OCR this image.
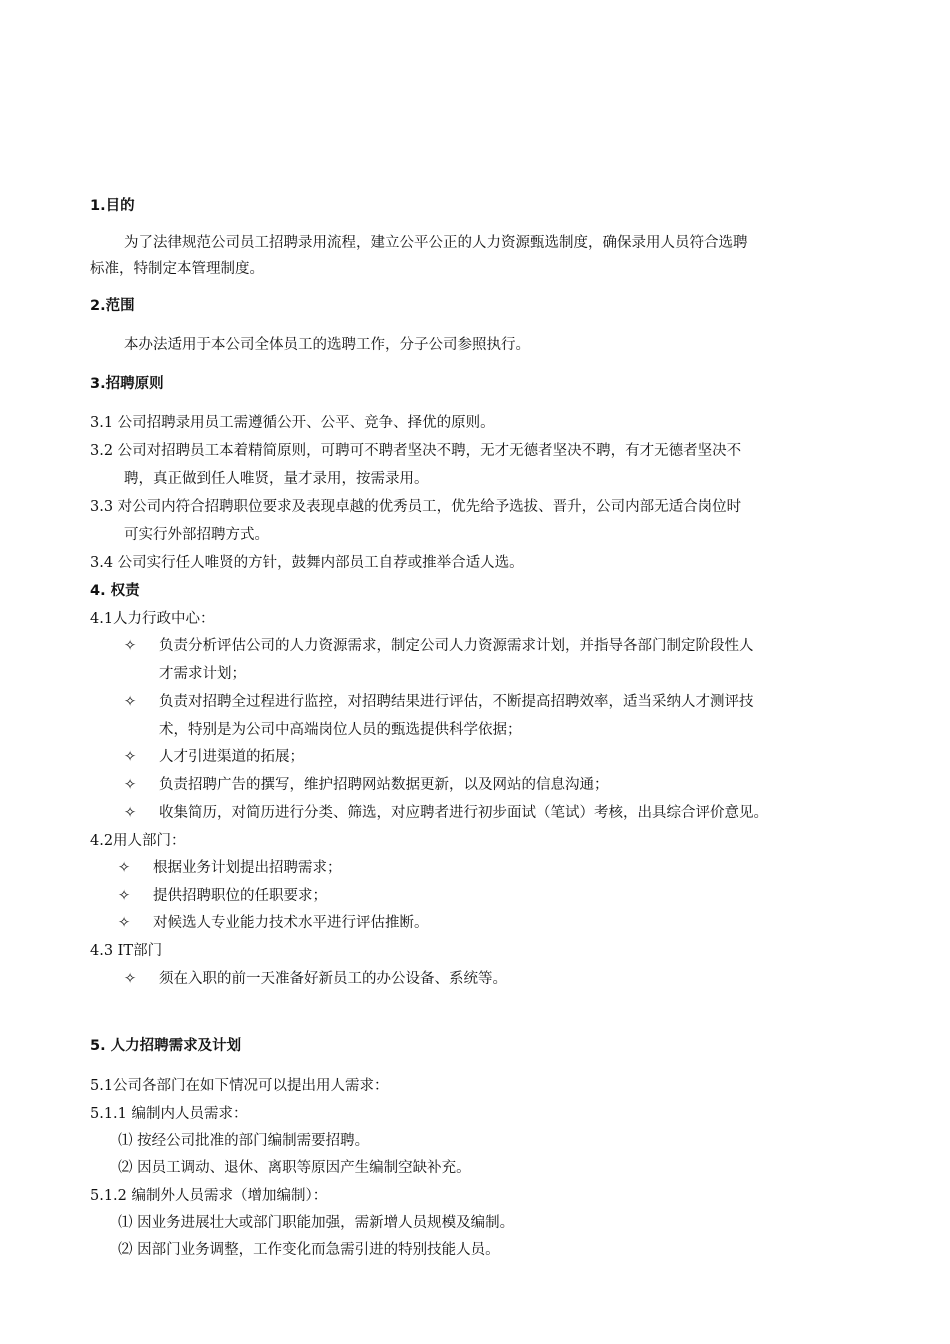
1.目的
为了法律规范公司员工招聘录用流程，建立公平公正的人力资源甄选制度，确保录用人员符合选聘
标准，特制定本管理制度。
2.范围
本办法适用于本公司全体员工的选聘工作，分子公司参照执行。
3.招聘原则
3.1 公司招聘录用员工需遵循公开、公平、竞争、择优的原则。
3.2 公司对招聘员工本着精简原则，可聘可不聘者坚决不聘，无才无德者坚决不聘，有才无德者坚决不
聘，真正做到任人唯贤，量才录用，按需录用。
3.3 对公司内符合招聘职位要求及表现卓越的优秀员工，优先给予选拔、晋升，公司内部无适合岗位时
可实行外部招聘方式。
3.4 公司实行任人唯贤的方针，鼓舞内部员工自荐或推举合适人选。
4. 权责
4.1人力行政中心：
✧ 负责分析评估公司的人力资源需求，制定公司人力资源需求计划，并指导各部门制定阶段性人
才需求计划；
✧ 负责对招聘全过程进行监控，对招聘结果进行评估，不断提高招聘效率，适当采纳人才测评技
术，特别是为公司中高端岗位人员的甄选提供科学依据；
✧ 人才引进渠道的拓展；
✧ 负责招聘广告的撰写，维护招聘网站数据更新，以及网站的信息沟通；
✧ 收集简历，对简历进行分类、筛选，对应聘者进行初步面试（笔试）考核，出具综合评价意见。
4.2用人部门：
✧ 根据业务计划提出招聘需求；
✧ 提供招聘职位的任职要求；
✧ 对候选人专业能力技术水平进行评估推断。
4.3 IT部门
✧ 须在入职的前一天准备好新员工的办公设备、系统等。
5. 人力招聘需求及计划
5.1公司各部门在如下情况可以提出用人需求：
5.1.1 编制内人员需求：
⑴ 按经公司批准的部门编制需要招聘。
⑵ 因员工调动、退休、离职等原因产生编制空缺补充。
5.1.2 编制外人员需求（增加编制）：
⑴ 因业务进展壮大或部门职能加强，需新增人员规模及编制。
⑵ 因部门业务调整，工作变化而急需引进的特别技能人员。
